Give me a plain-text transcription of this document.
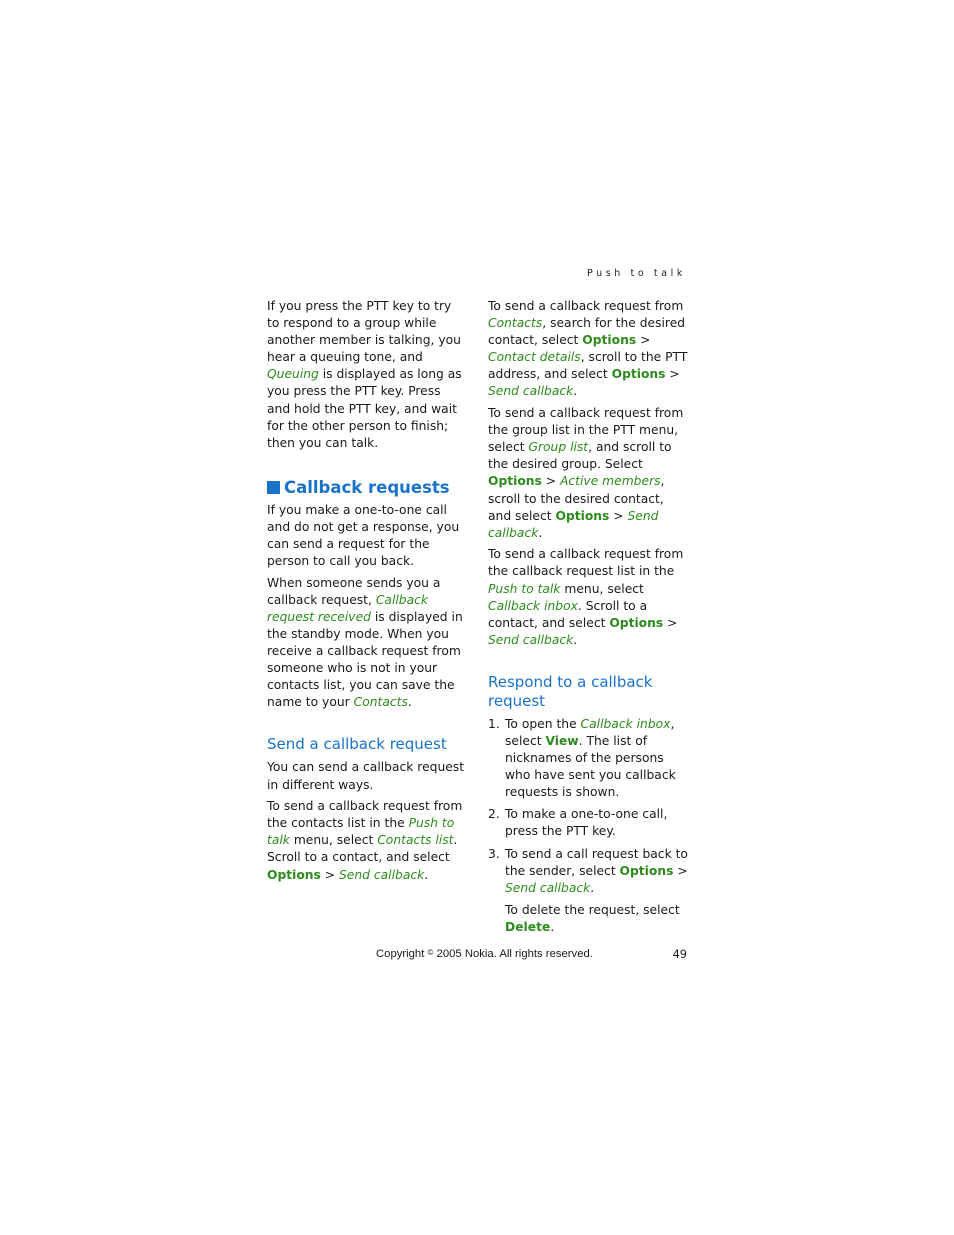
Push to talk

If you press the PTT key to try to respond to a group while another member is talking, you hear a queuing tone, and Queuing is displayed as long as you press the PTT key. Press and hold the PTT key, and wait for the other person to finish; then you can talk.

Callback requests

If you make a one-to-one call and do not get a response, you can send a request for the person to call you back.

When someone sends you a callback request, Callback request received is displayed in the standby mode. When you receive a callback request from someone who is not in your contacts list, you can save the name to your Contacts.

Send a callback request

You can send a callback request in different ways.

To send a callback request from the contacts list in the Push to talk menu, select Contacts list. Scroll to a contact, and select Options > Send callback.

To send a callback request from Contacts, search for the desired contact, select Options > Contact details, scroll to the PTT address, and select Options > Send callback.

To send a callback request from the group list in the PTT menu, select Group list, and scroll to the desired group. Select Options > Active members, scroll to the desired contact, and select Options > Send callback.

To send a callback request from the callback request list in the Push to talk menu, select Callback inbox. Scroll to a contact, and select Options > Send callback.

Respond to a callback request
1. To open the Callback inbox, select View. The list of nicknames of the persons who have sent you callback requests is shown.
2. To make a one-to-one call, press the PTT key.
3. To send a call request back to the sender, select Options > Send callback.
To delete the request, select Delete.
Copyright © 2005 Nokia. All rights reserved.	49
